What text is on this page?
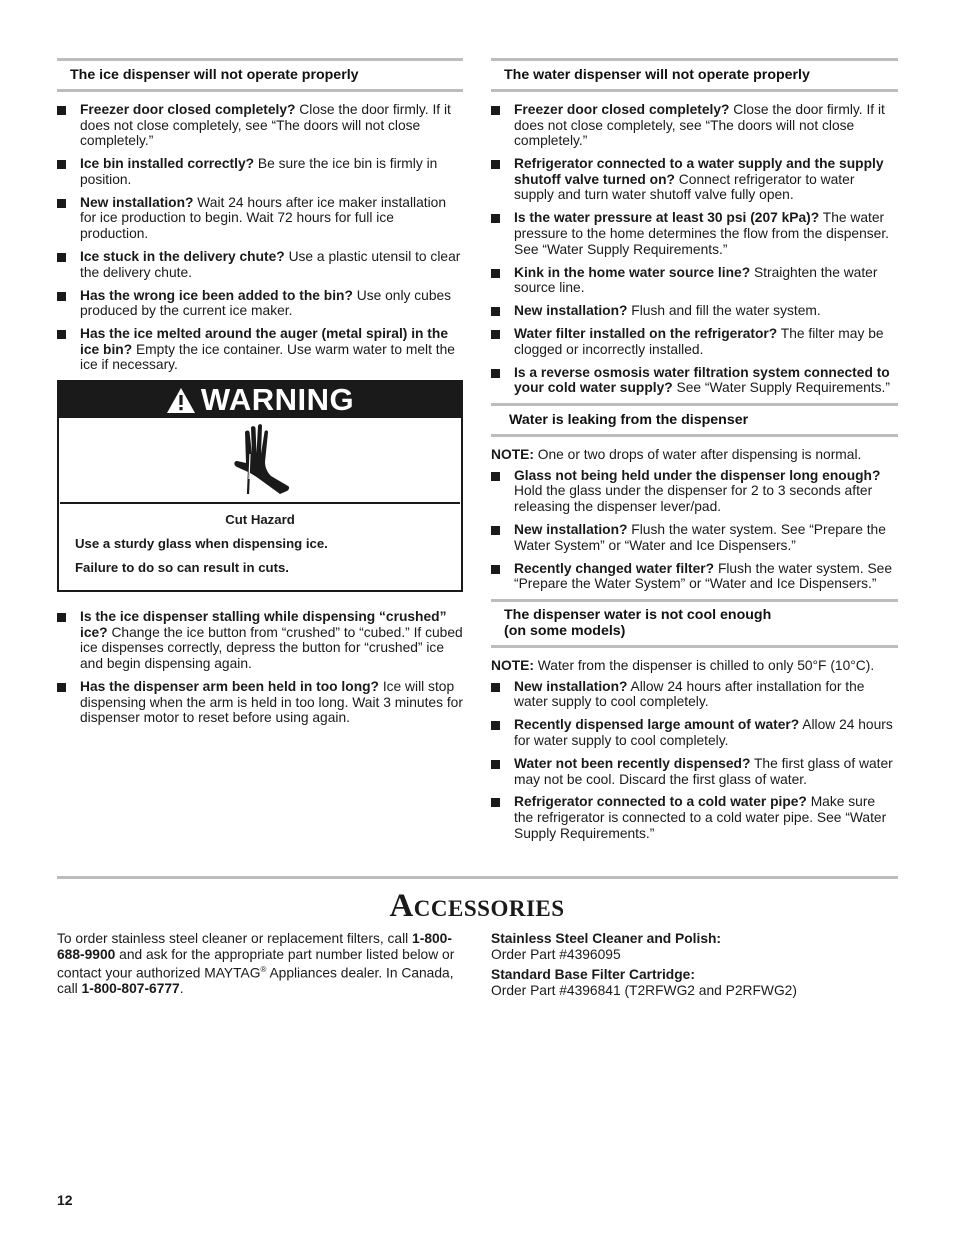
The ice dispenser will not operate properly
Freezer door closed completely? Close the door firmly. If it does not close completely, see “The doors will not close completely.”
Ice bin installed correctly? Be sure the ice bin is firmly in position.
New installation? Wait 24 hours after ice maker installation for ice production to begin. Wait 72 hours for full ice production.
Ice stuck in the delivery chute? Use a plastic utensil to clear the delivery chute.
Has the wrong ice been added to the bin? Use only cubes produced by the current ice maker.
Has the ice melted around the auger (metal spiral) in the ice bin? Empty the ice container. Use warm water to melt the ice if necessary.
WARNING
Cut Hazard
Use a sturdy glass when dispensing ice.
Failure to do so can result in cuts.
Is the ice dispenser stalling while dispensing “crushed” ice? Change the ice button from “crushed” to “cubed.” If cubed ice dispenses correctly, depress the button for “crushed” ice and begin dispensing again.
Has the dispenser arm been held in too long? Ice will stop dispensing when the arm is held in too long. Wait 3 minutes for dispenser motor to reset before using again.
The water dispenser will not operate properly
Freezer door closed completely? Close the door firmly. If it does not close completely, see “The doors will not close completely.”
Refrigerator connected to a water supply and the supply shutoff valve turned on? Connect refrigerator to water supply and turn water shutoff valve fully open.
Is the water pressure at least 30 psi (207 kPa)? The water pressure to the home determines the flow from the dispenser. See “Water Supply Requirements.”
Kink in the home water source line? Straighten the water source line.
New installation? Flush and fill the water system.
Water filter installed on the refrigerator? The filter may be clogged or incorrectly installed.
Is a reverse osmosis water filtration system connected to your cold water supply? See “Water Supply Requirements.”
Water is leaking from the dispenser

NOTE: One or two drops of water after dispensing is normal.

Glass not being held under the dispenser long enough? Hold the glass under the dispenser for 2 to 3 seconds after releasing the dispenser lever/pad.
New installation? Flush the water system. See “Prepare the Water System” or “Water and Ice Dispensers.”
Recently changed water filter? Flush the water system. See “Prepare the Water System” or “Water and Ice Dispensers.”
The dispenser water is not cool enough
(on some models)

NOTE: Water from the dispenser is chilled to only 50°F (10°C).

New installation? Allow 24 hours after installation for the water supply to cool completely.
Recently dispensed large amount of water? Allow 24 hours for water supply to cool completely.
Water not been recently dispensed? The first glass of water may not be cool. Discard the first glass of water.
Refrigerator connected to a cold water pipe? Make sure the refrigerator is connected to a cold water pipe. See “Water Supply Requirements.”
Accessories
To order stainless steel cleaner or replacement filters, call 1-800-688-9900 and ask for the appropriate part number listed below or contact your authorized MAYTAG® Appliances dealer. In Canada, call 1-800-807-6777.
Stainless Steel Cleaner and Polish:
Order Part #4396095
Standard Base Filter Cartridge:
Order Part #4396841 (T2RFWG2 and P2RFWG2)
12
